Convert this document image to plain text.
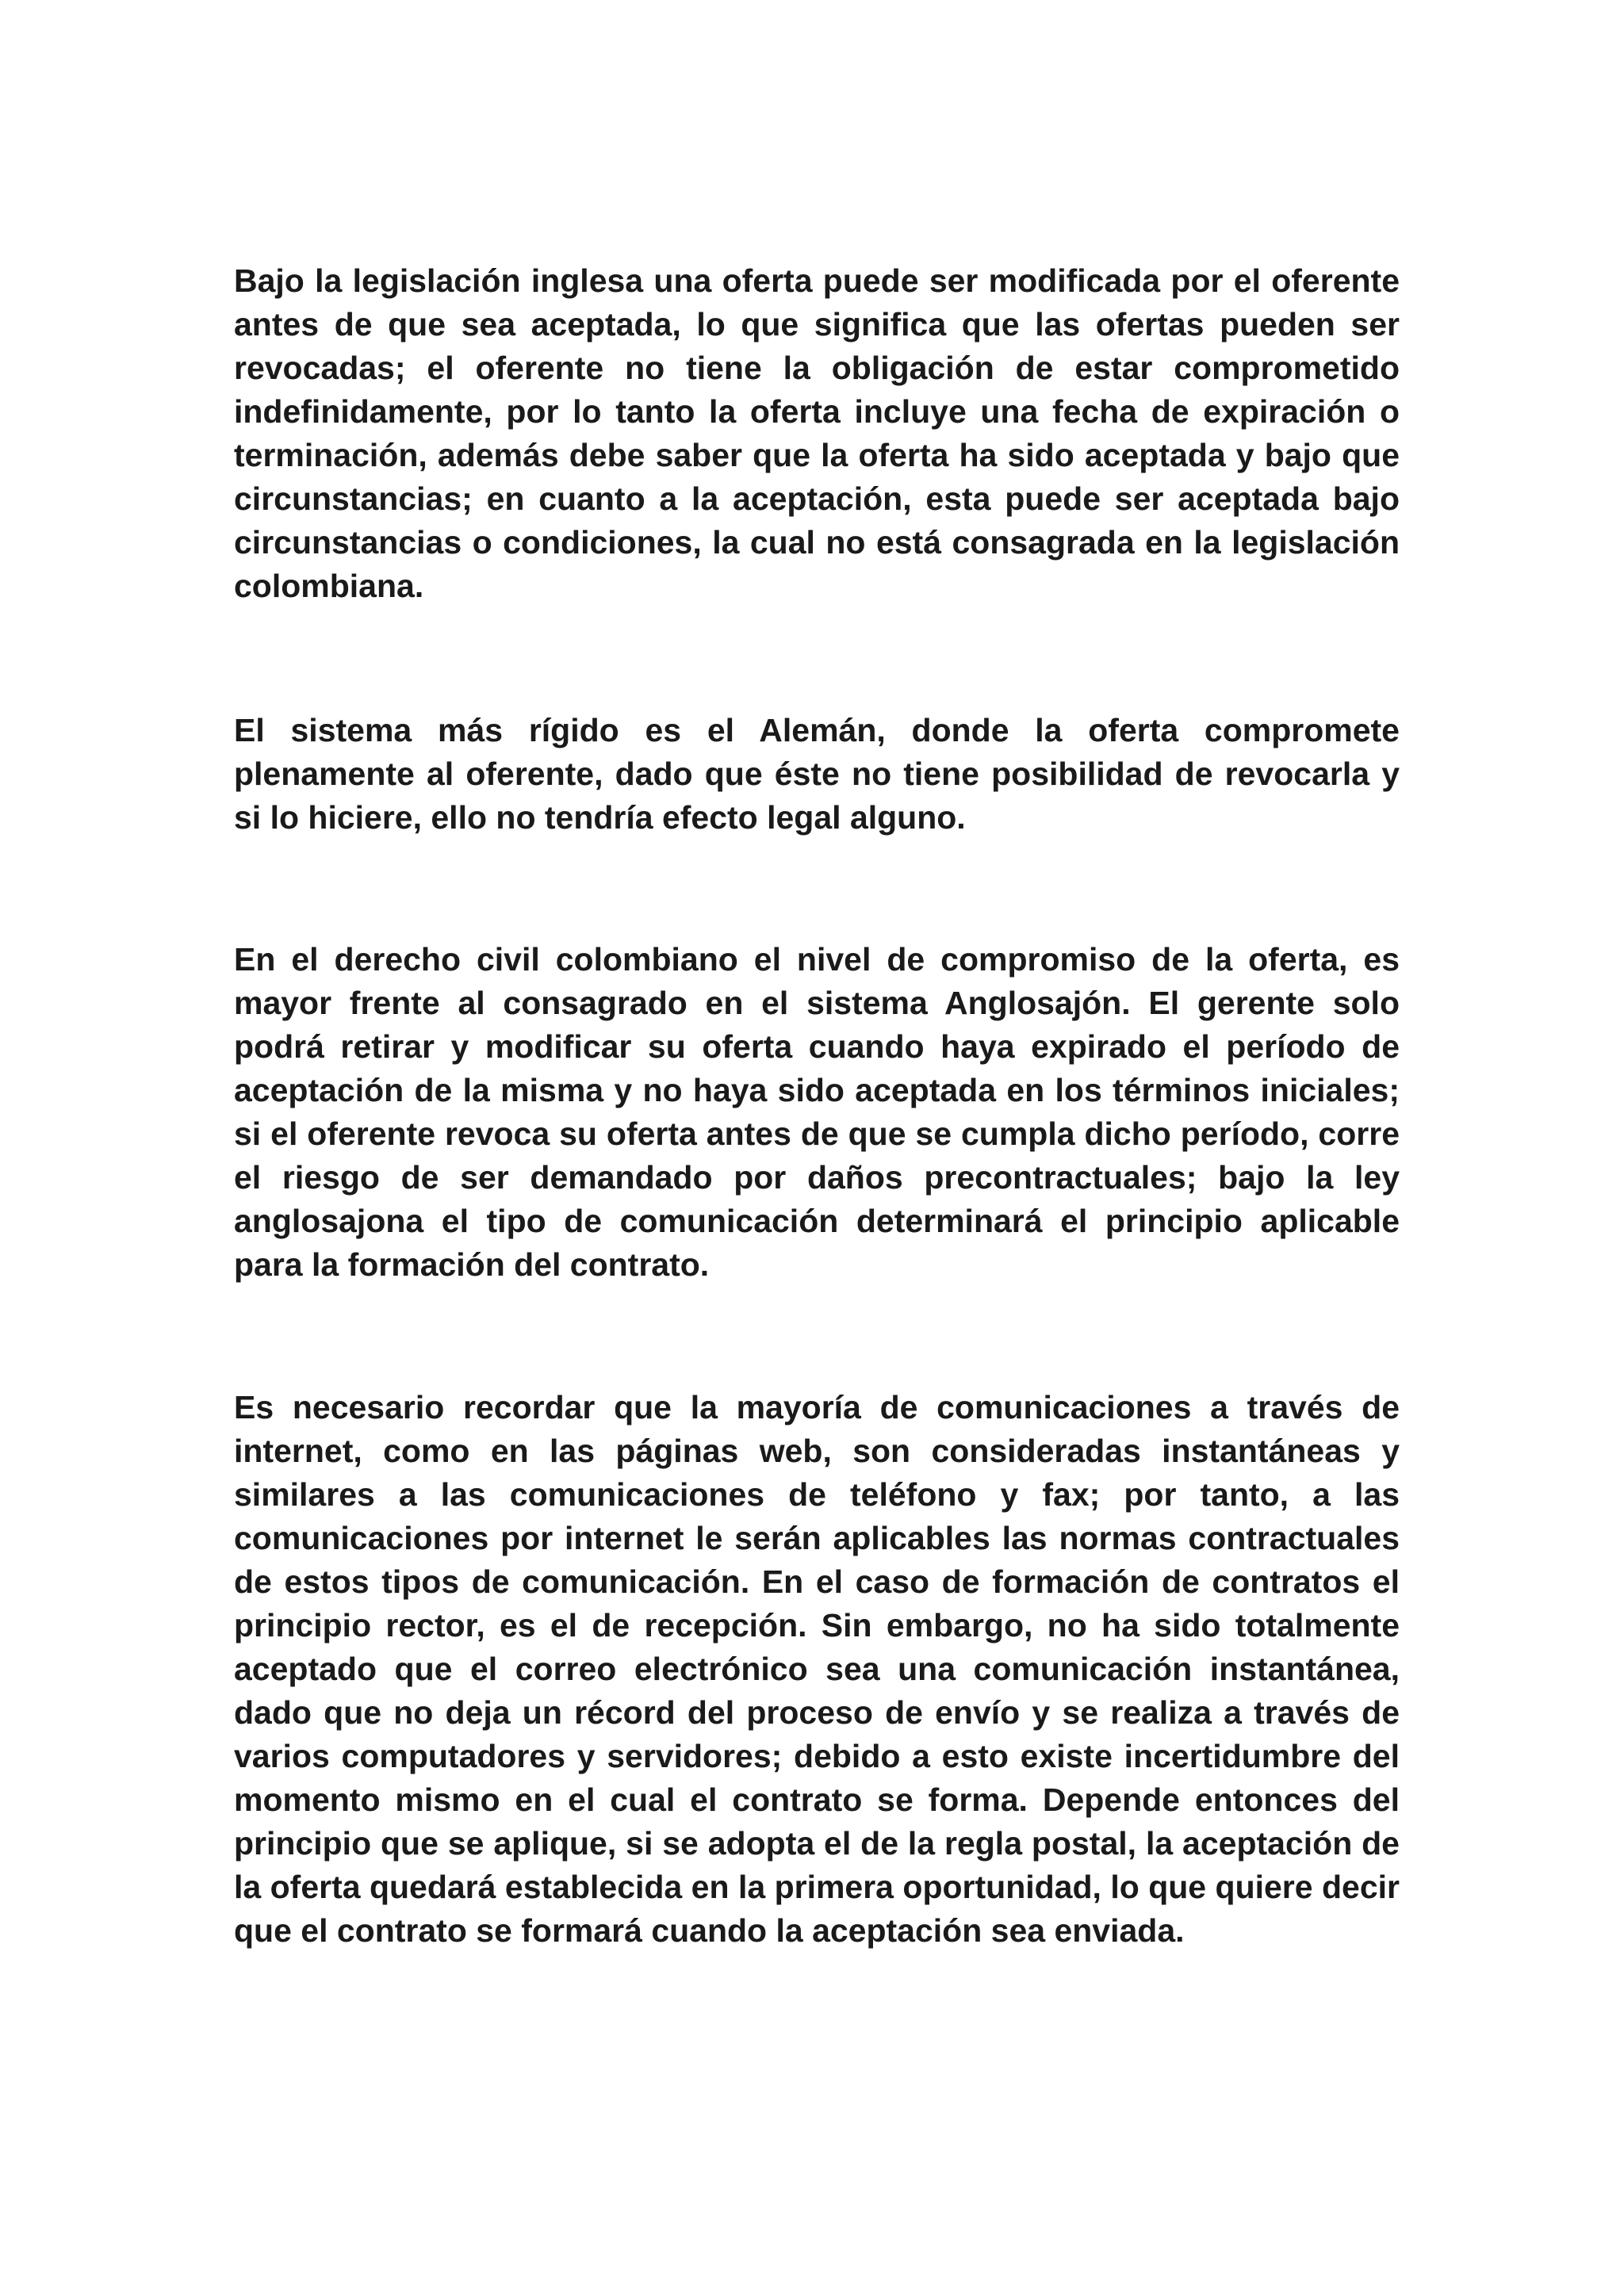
Bajo la legislación inglesa una oferta puede ser modificada por el oferente antes de que sea aceptada, lo que significa que las ofertas pueden ser revocadas; el oferente no tiene la obligación de estar comprometido indefinidamente, por lo tanto la oferta incluye una fecha de expiración o terminación, además debe saber que la oferta ha sido aceptada y bajo que circunstancias; en cuanto a la aceptación, esta puede ser aceptada bajo circunstancias o condiciones, la cual no está consagrada en la legislación colombiana.

El sistema más rígido es el Alemán, donde la oferta compromete plenamente al oferente, dado que éste no tiene posibilidad de revocarla y si lo hiciere, ello no tendría efecto legal alguno.

En el derecho civil colombiano el nivel de compromiso de la oferta, es mayor frente al consagrado en el sistema Anglosajón. El gerente solo podrá retirar y modificar su oferta cuando haya expirado el período de aceptación de la misma y no haya sido aceptada en los términos iniciales; si el oferente revoca su oferta antes de que se cumpla dicho período, corre el riesgo de ser demandado por daños precontractuales; bajo la ley anglosajona el tipo de comunicación determinará el principio aplicable para la formación del contrato.

Es necesario recordar que la mayoría de comunicaciones a través de internet, como en las páginas web, son consideradas instantáneas y similares a las comunicaciones de teléfono y fax; por tanto, a las comunicaciones por internet le serán aplicables las normas contractuales de estos tipos de comunicación. En el caso de formación de contratos el principio rector, es el de recepción. Sin embargo, no ha sido totalmente aceptado que el correo electrónico sea una comunicación instantánea, dado que no deja un récord del proceso de envío y se realiza a través de varios computadores y servidores; debido a esto existe incertidumbre del momento mismo en el cual el contrato se forma. Depende entonces del principio que se aplique, si se adopta el de la regla postal, la aceptación de la oferta quedará establecida en la primera oportunidad, lo que quiere decir que el contrato se formará cuando la aceptación sea enviada.
